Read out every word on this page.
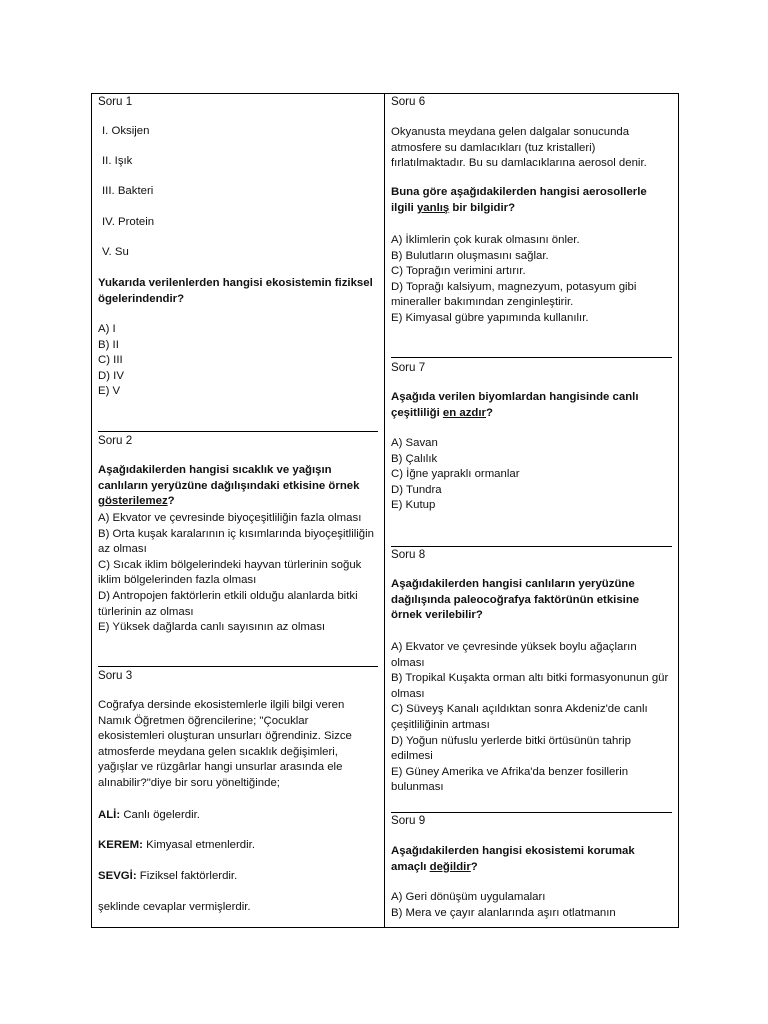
Soru 1
I. Oksijen
II. Işık
III. Bakteri
IV. Protein
V. Su
Yukarıda verilenlerden hangisi ekosistemin fiziksel ögelerindendir?
A) I
B) II
C) III
D) IV
E) V
Soru 2
Aşağıdakilerden hangisi sıcaklık ve yağışın canlıların yeryüzüne dağılışındaki etkisine örnek gösterilemez?
A) Ekvator ve çevresinde biyoçeşitliliğin fazla olması
B) Orta kuşak karalarının iç kısımlarında biyoçeşitliliğin az olması
C) Sıcak iklim bölgelerindeki hayvan türlerinin soğuk iklim bölgelerinden fazla olması
D) Antropojen faktörlerin etkili olduğu alanlarda bitki türlerinin az olması
E) Yüksek dağlarda canlı sayısının az olması
Soru 3
Coğrafya dersinde ekosistemlerle ilgili bilgi veren Namık Öğretmen öğrencilerine; "Çocuklar ekosistemleri oluşturan unsurları öğrendiniz. Sizce atmosferde meydana gelen sıcaklık değişimleri, yağışlar ve rüzgârlar hangi unsurlar arasında ele alınabilir?"diye bir soru yöneltiğinde;
ALİ: Canlı ögelerdir.
KEREM: Kimyasal etmenlerdir.
SEVGİ: Fiziksel faktörlerdir.
şeklinde cevaplar vermişlerdir.
Soru 6
Okyanusta meydana gelen dalgalar sonucunda atmosfere su damlacıkları (tuz kristalleri) fırlatılmaktadır. Bu su damlacıklarına aerosol denir.
Buna göre aşağıdakilerden hangisi aerosollerle ilgili yanlış bir bilgidir?
A) İklimlerin çok kurak olmasını önler.
B) Bulutların oluşmasını sağlar.
C) Toprağın verimini artırır.
D) Toprağı kalsiyum, magnezyum, potasyum gibi mineraller bakımından zenginleştirir.
E) Kimyasal gübre yapımında kullanılır.
Soru 7
Aşağıda verilen biyomlardan hangisinde canlı çeşitliliği en azdır?
A) Savan
B) Çalılık
C) İğne yapraklı ormanlar
D) Tundra
E) Kutup
Soru 8
Aşağıdakilerden hangisi canlıların yeryüzüne dağılışında paleocoğrafya faktörünün etkisine örnek verilebilir?
A) Ekvator ve çevresinde yüksek boylu ağaçların olması
B) Tropikal Kuşakta orman altı bitki formasyonunun gür olması
C) Süveyş Kanalı açıldıktan sonra Akdeniz'de canlı çeşitliliğinin artması
D) Yoğun nüfuslu yerlerde bitki örtüsünün tahrip edilmesi
E) Güney Amerika ve Afrika'da benzer fosillerin bulunması
Soru 9
Aşağıdakilerden hangisi ekosistemi korumak amaçlı değildir?
A) Geri dönüşüm uygulamaları
B) Mera ve çayır alanlarında aşırı otlatmanın
